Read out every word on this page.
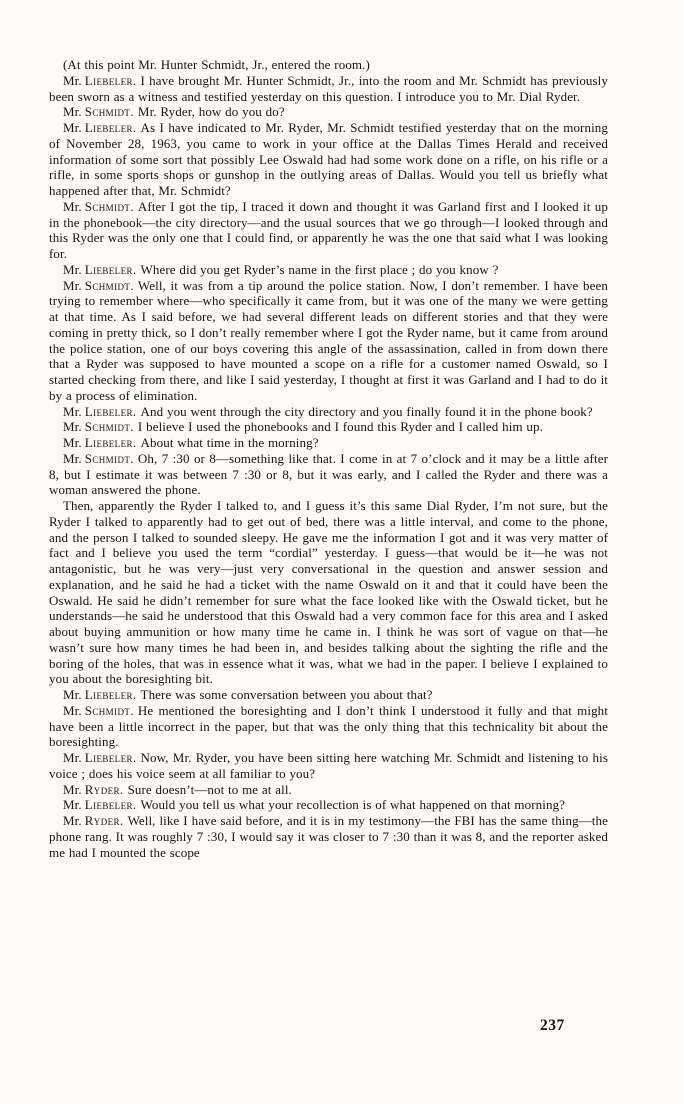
(At this point Mr. Hunter Schmidt, Jr., entered the room.)

Mr. Liebeler. I have brought Mr. Hunter Schmidt, Jr., into the room and Mr. Schmidt has previously been sworn as a witness and testified yesterday on this question. I introduce you to Mr. Dial Ryder.

Mr. Schmidt. Mr. Ryder, how do you do?

Mr. Liebeler. As I have indicated to Mr. Ryder, Mr. Schmidt testified yesterday that on the morning of November 28, 1963, you came to work in your office at the Dallas Times Herald and received information of some sort that possibly Lee Oswald had had some work done on a rifle, on his rifle or a rifle, in some sports shops or gunshop in the outlying areas of Dallas. Would you tell us briefly what happened after that, Mr. Schmidt?

Mr. Schmidt. After I got the tip, I traced it down and thought it was Garland first and I looked it up in the phonebook—the city directory—and the usual sources that we go through—I looked through and this Ryder was the only one that I could find, or apparently he was the one that said what I was looking for.

Mr. Liebeler. Where did you get Ryder’s name in the first place ; do you know ?

Mr. Schmidt. Well, it was from a tip around the police station. Now, I don’t remember. I have been trying to remember where—who specifically it came from, but it was one of the many we were getting at that time. As I said before, we had several different leads on different stories and that they were coming in pretty thick, so I don’t really remember where I got the Ryder name, but it came from around the police station, one of our boys covering this angle of the assassination, called in from down there that a Ryder was supposed to have mounted a scope on a rifle for a customer named Oswald, so I started checking from there, and like I said yesterday, I thought at first it was Garland and I had to do it by a process of elimination.

Mr. Liebeler. And you went through the city directory and you finally found it in the phone book?

Mr. Schmidt. I believe I used the phonebooks and I found this Ryder and I called him up.

Mr. Liebeler. About what time in the morning?

Mr. Schmidt. Oh, 7 :30 or 8—something like that. I come in at 7 o’clock and it may be a little after 8, but I estimate it was between 7 :30 or 8, but it was early, and I called the Ryder and there was a woman answered the phone.

Then, apparently the Ryder I talked to, and I guess it’s this same Dial Ryder, I’m not sure, but the Ryder I talked to apparently had to get out of bed, there was a little interval, and come to the phone, and the person I talked to sounded sleepy. He gave me the information I got and it was very matter of fact and I believe you used the term “cordial” yesterday. I guess—that would be it—he was not antagonistic, but he was very—just very conversational in the question and answer session and explanation, and he said he had a ticket with the name Oswald on it and that it could have been the Oswald. He said he didn’t remember for sure what the face looked like with the Oswald ticket, but he understands—he said he understood that this Oswald had a very common face for this area and I asked about buying ammunition or how many time he came in. I think he was sort of vague on that—he wasn’t sure how many times he had been in, and besides talking about the sighting the rifle and the boring of the holes, that was in essence what it was, what we had in the paper. I believe I explained to you about the boresighting bit.

Mr. Liebeler. There was some conversation between you about that?

Mr. Schmidt. He mentioned the boresighting and I don’t think I understood it fully and that might have been a little incorrect in the paper, but that was the only thing that this technicality bit about the boresighting.

Mr. Liebeler. Now, Mr. Ryder, you have been sitting here watching Mr. Schmidt and listening to his voice ; does his voice seem at all familiar to you?

Mr. Ryder. Sure doesn’t—not to me at all.

Mr. Liebeler. Would you tell us what your recollection is of what happened on that morning?

Mr. Ryder. Well, like I have said before, and it is in my testimony—the FBI has the same thing—the phone rang. It was roughly 7 :30, I would say it was closer to 7 :30 than it was 8, and the reporter asked me had I mounted the scope

237
